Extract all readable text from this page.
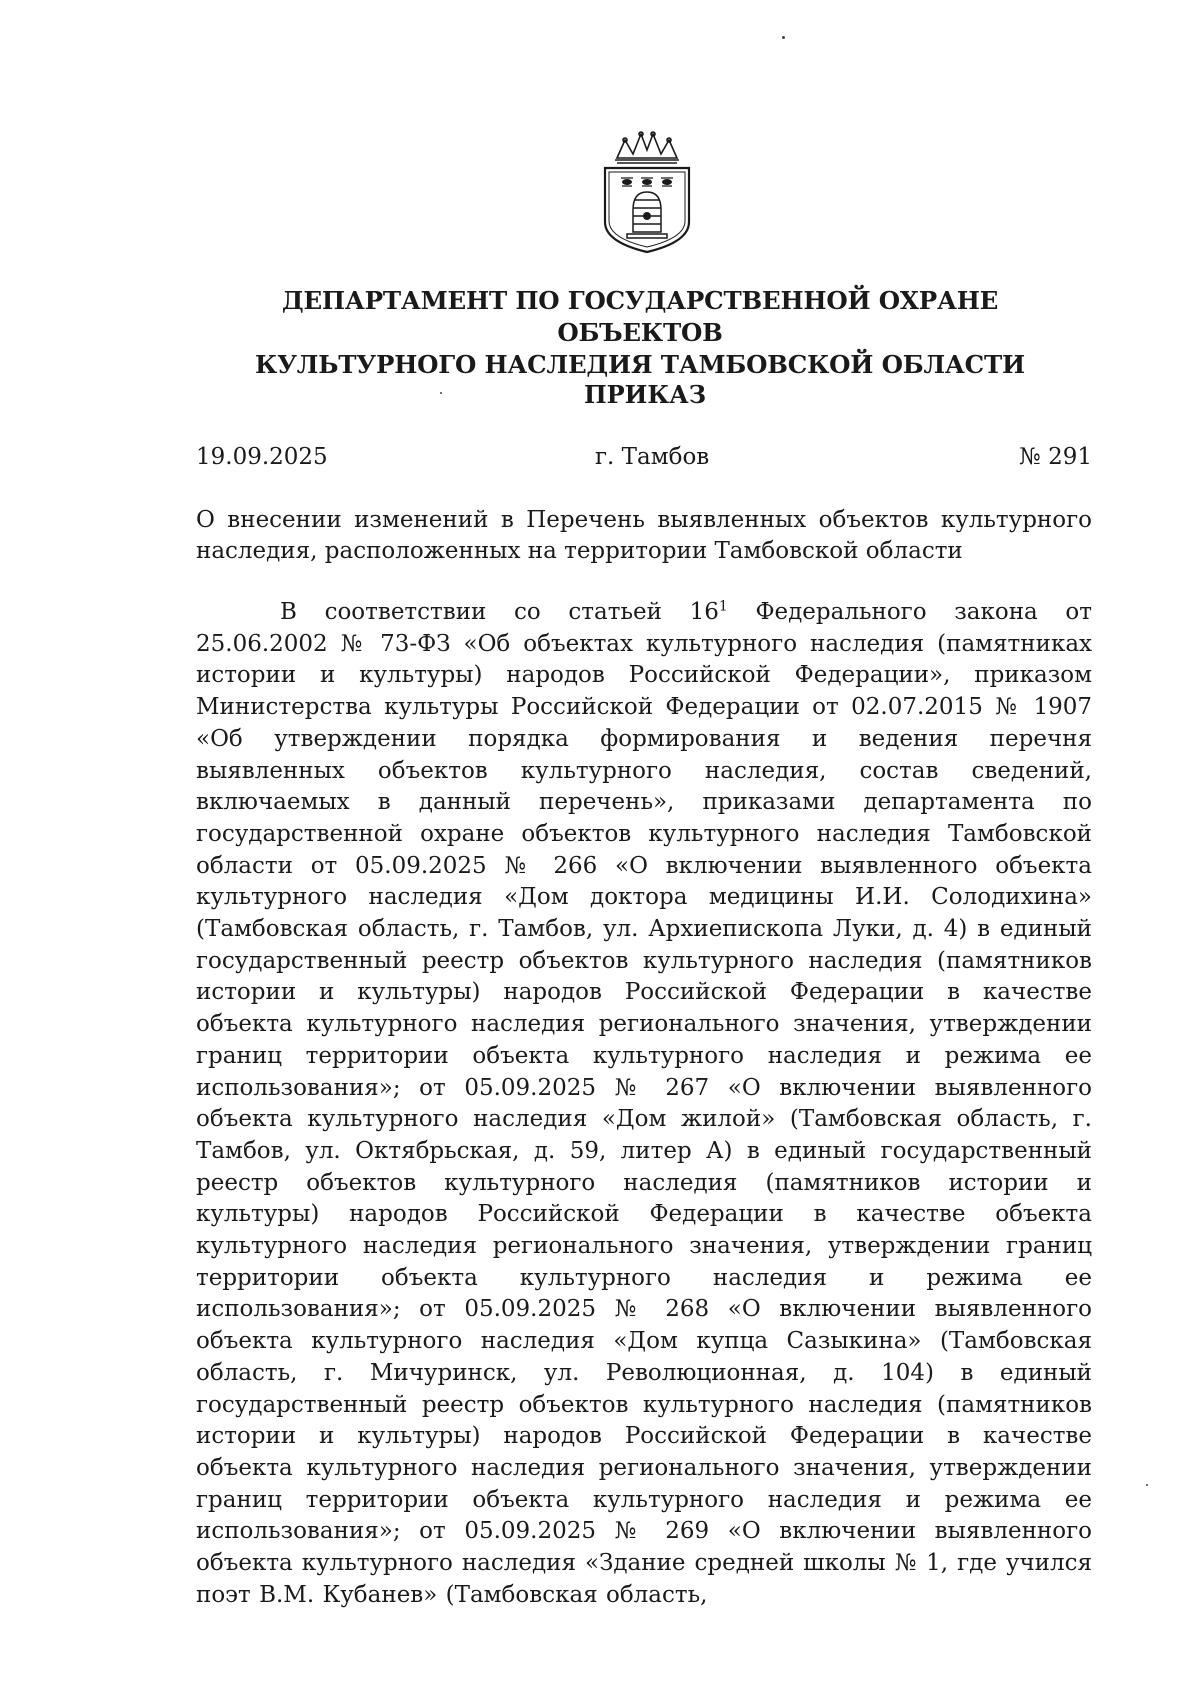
ДЕПАРТАМЕНТ ПО ГОСУДАРСТВЕННОЙ ОХРАНЕ ОБЪЕКТОВ
КУЛЬТУРНОГО НАСЛЕДИЯ ТАМБОВСКОЙ ОБЛАСТИ
ПРИКАЗ
19.09.2025	г. Тамбов	№ 291
О внесении изменений в Перечень выявленных объектов культурного наследия, расположенных на территории Тамбовской области
В соответствии со статьей $16^1$ Федерального закона от 25.06.2002 № 73-ФЗ «Об объектах культурного наследия (памятниках истории и культуры) народов Российской Федерации», приказом Министерства культуры Российской Федерации от 02.07.2015 № 1907 «Об утверждении порядка формирования и ведения перечня выявленных объектов культурного наследия, состав сведений, включаемых в данный перечень», приказами департамента по государственной охране объектов культурного наследия Тамбовской области от 05.09.2025 № 266 «О включении выявленного объекта культурного наследия «Дом доктора медицины И.И. Солодихина» (Тамбовская область, г. Тамбов, ул. Архиепископа Луки, д. 4) в единый государственный реестр объектов культурного наследия (памятников истории и культуры) народов Российской Федерации в качестве объекта культурного наследия регионального значения, утверждении границ территории объекта культурного наследия и режима ее использования»; от 05.09.2025 № 267 «О включении выявленного объекта культурного наследия «Дом жилой» (Тамбовская область, г. Тамбов, ул. Октябрьская, д. 59, литер А) в единый государственный реестр объектов культурного наследия (памятников истории и культуры) народов Российской Федерации в качестве объекта культурного наследия регионального значения, утверждении границ территории объекта культурного наследия и режима ее использования»; от 05.09.2025 № 268 «О включении выявленного объекта культурного наследия «Дом купца Сазыкина» (Тамбовская область, г. Мичуринск, ул. Революционная, д. 104) в единый государственный реестр объектов культурного наследия (памятников истории и культуры) народов Российской Федерации в качестве объекта культурного наследия регионального значения, утверждении границ территории объекта культурного наследия и режима ее использования»; от 05.09.2025 № 269 «О включении выявленного объекта культурного наследия «Здание средней школы № 1, где учился поэт В.М. Кубанев» (Тамбовская область,
